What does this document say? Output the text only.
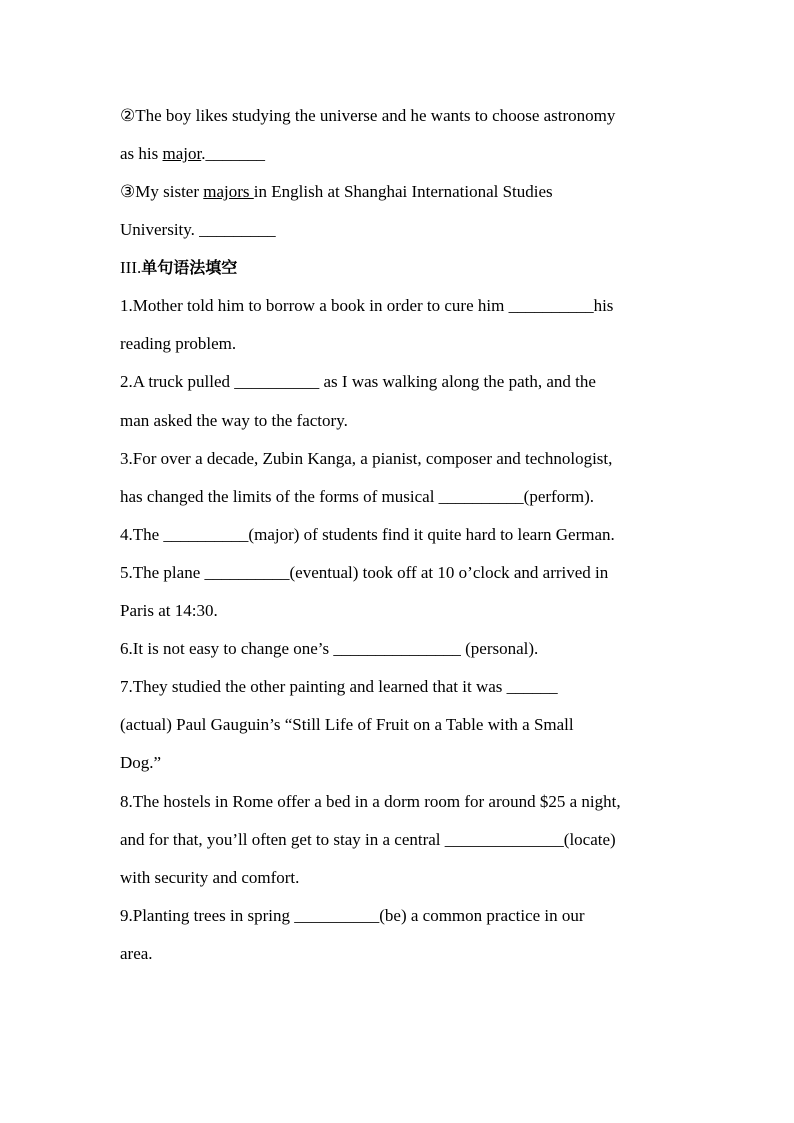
②The boy likes studying the universe and he wants to choose astronomy
as his major._______
③My sister majors in English at Shanghai International Studies
University. _________
III.单句语法填空
1.Mother told him to borrow a book in order to cure him __________his
reading problem.
2.A truck pulled __________ as I was walking along the path, and the
man asked the way to the factory.
3.For over a decade, Zubin Kanga, a pianist, composer and technologist,
has changed the limits of the forms of musical __________(perform).
4.The __________(major) of students find it quite hard to learn German.
5.The plane __________(eventual) took off at 10 o’clock and arrived in
Paris at 14:30.
6.It is not easy to change one’s _______________ (personal).
7.They studied the other painting and learned that it was ______
(actual) Paul Gauguin’s “Still Life of Fruit on a Table with a Small
Dog.”
8.The hostels in Rome offer a bed in a dorm room for around $25 a night,
and for that, you’ll often get to stay in a central ______________(locate)
with security and comfort.
9.Planting trees in spring __________(be) a common practice in our
area.
